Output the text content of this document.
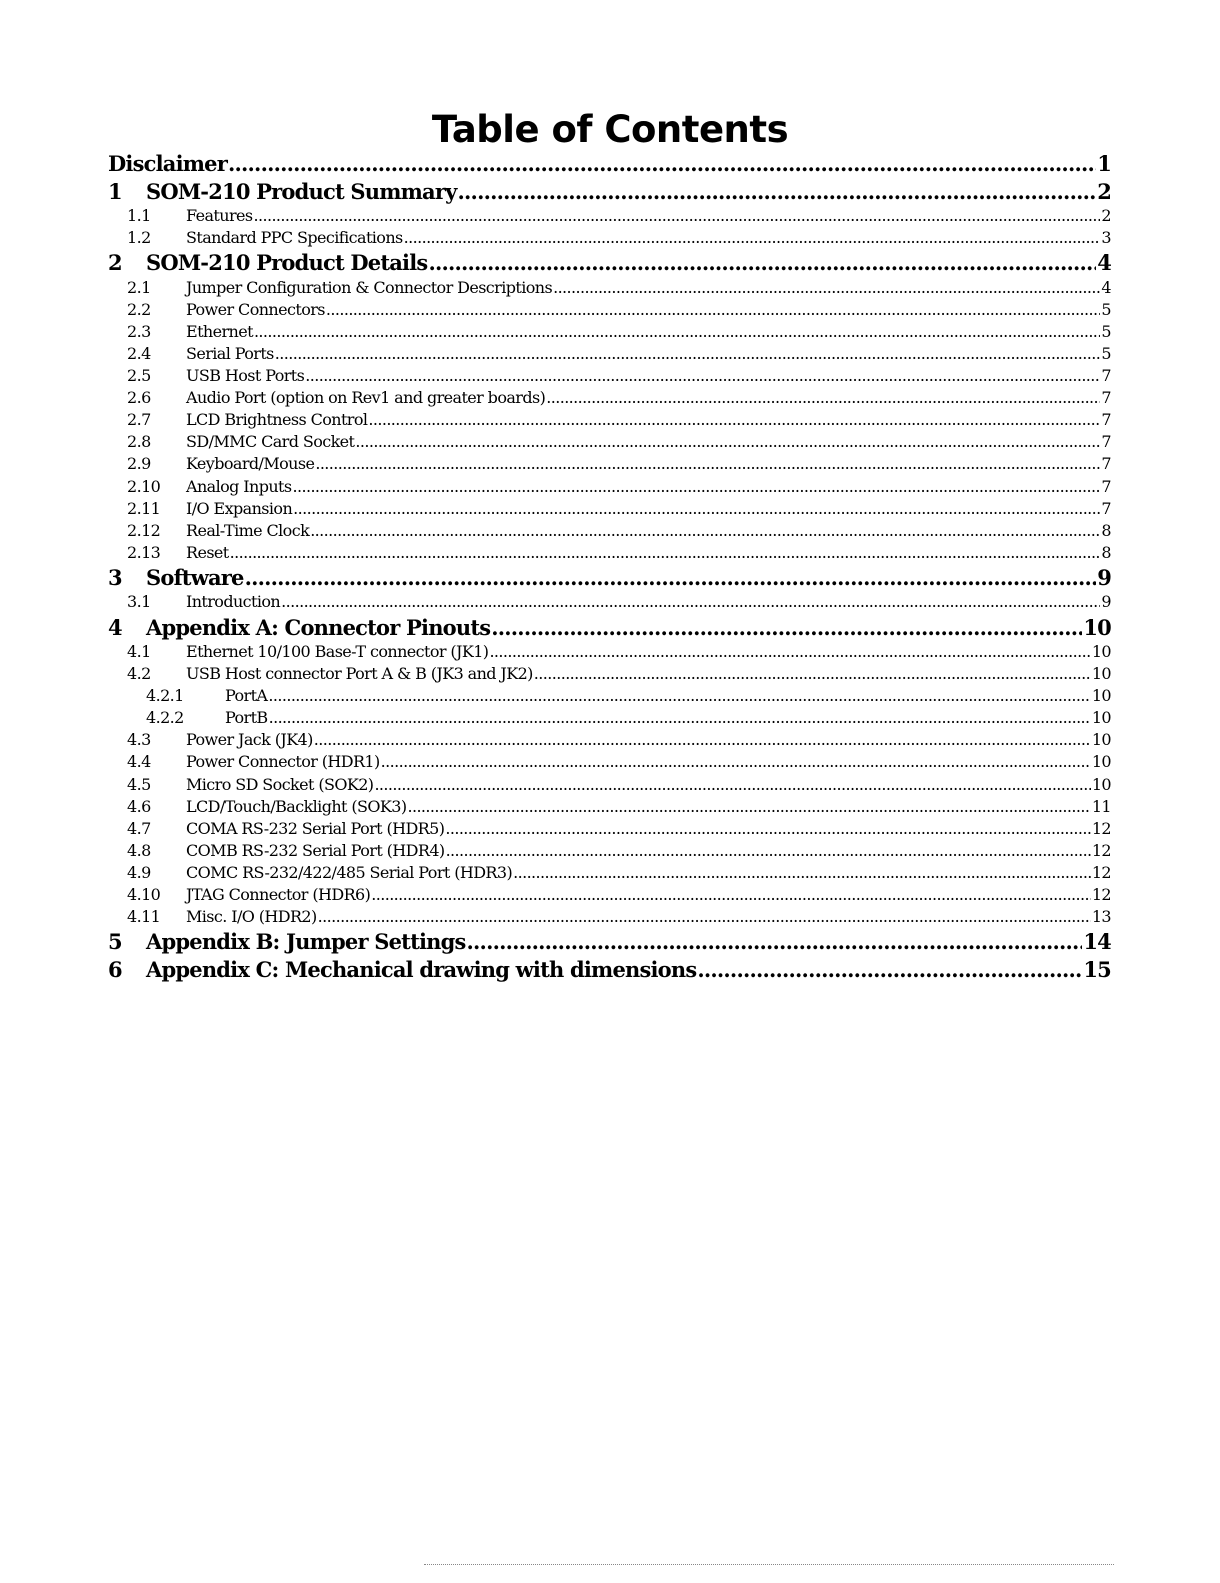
Table of Contents
Disclaimer .....	1
1	SOM-210 Product Summary .....	2
1.1	Features .....	2
1.2	Standard PPC Specifications .....	3
2	SOM-210 Product Details .....	4
2.1	Jumper Configuration & Connector Descriptions .....	4
2.2	Power Connectors .....	5
2.3	Ethernet .....	5
2.4	Serial Ports .....	5
2.5	USB Host Ports .....	7
2.6	Audio Port (option on Rev1 and greater boards) .....	7
2.7	LCD Brightness Control .....	7
2.8	SD/MMC Card Socket .....	7
2.9	Keyboard/Mouse .....	7
2.10	Analog Inputs .....	7
2.11	I/O Expansion .....	7
2.12	Real-Time Clock .....	8
2.13	Reset .....	8
3	Software .....	9
3.1	Introduction .....	9
4	Appendix A: Connector Pinouts .....	10
4.1	Ethernet 10/100 Base-T connector (JK1) .....	10
4.2	USB Host connector Port A & B (JK3 and JK2) .....	10
4.2.1	PortA .....	10
4.2.2	PortB .....	10
4.3	Power Jack (JK4) .....	10
4.4	Power Connector (HDR1) .....	10
4.5	Micro SD Socket (SOK2) .....	10
4.6	LCD/Touch/Backlight (SOK3) .....	11
4.7	COMA RS-232 Serial Port (HDR5) .....	12
4.8	COMB RS-232 Serial Port (HDR4) .....	12
4.9	COMC RS-232/422/485 Serial Port (HDR3) .....	12
4.10	JTAG Connector (HDR6) .....	12
4.11	Misc. I/O (HDR2) .....	13
5	Appendix B: Jumper Settings .....	14
6	Appendix C: Mechanical drawing with dimensions .....	15
